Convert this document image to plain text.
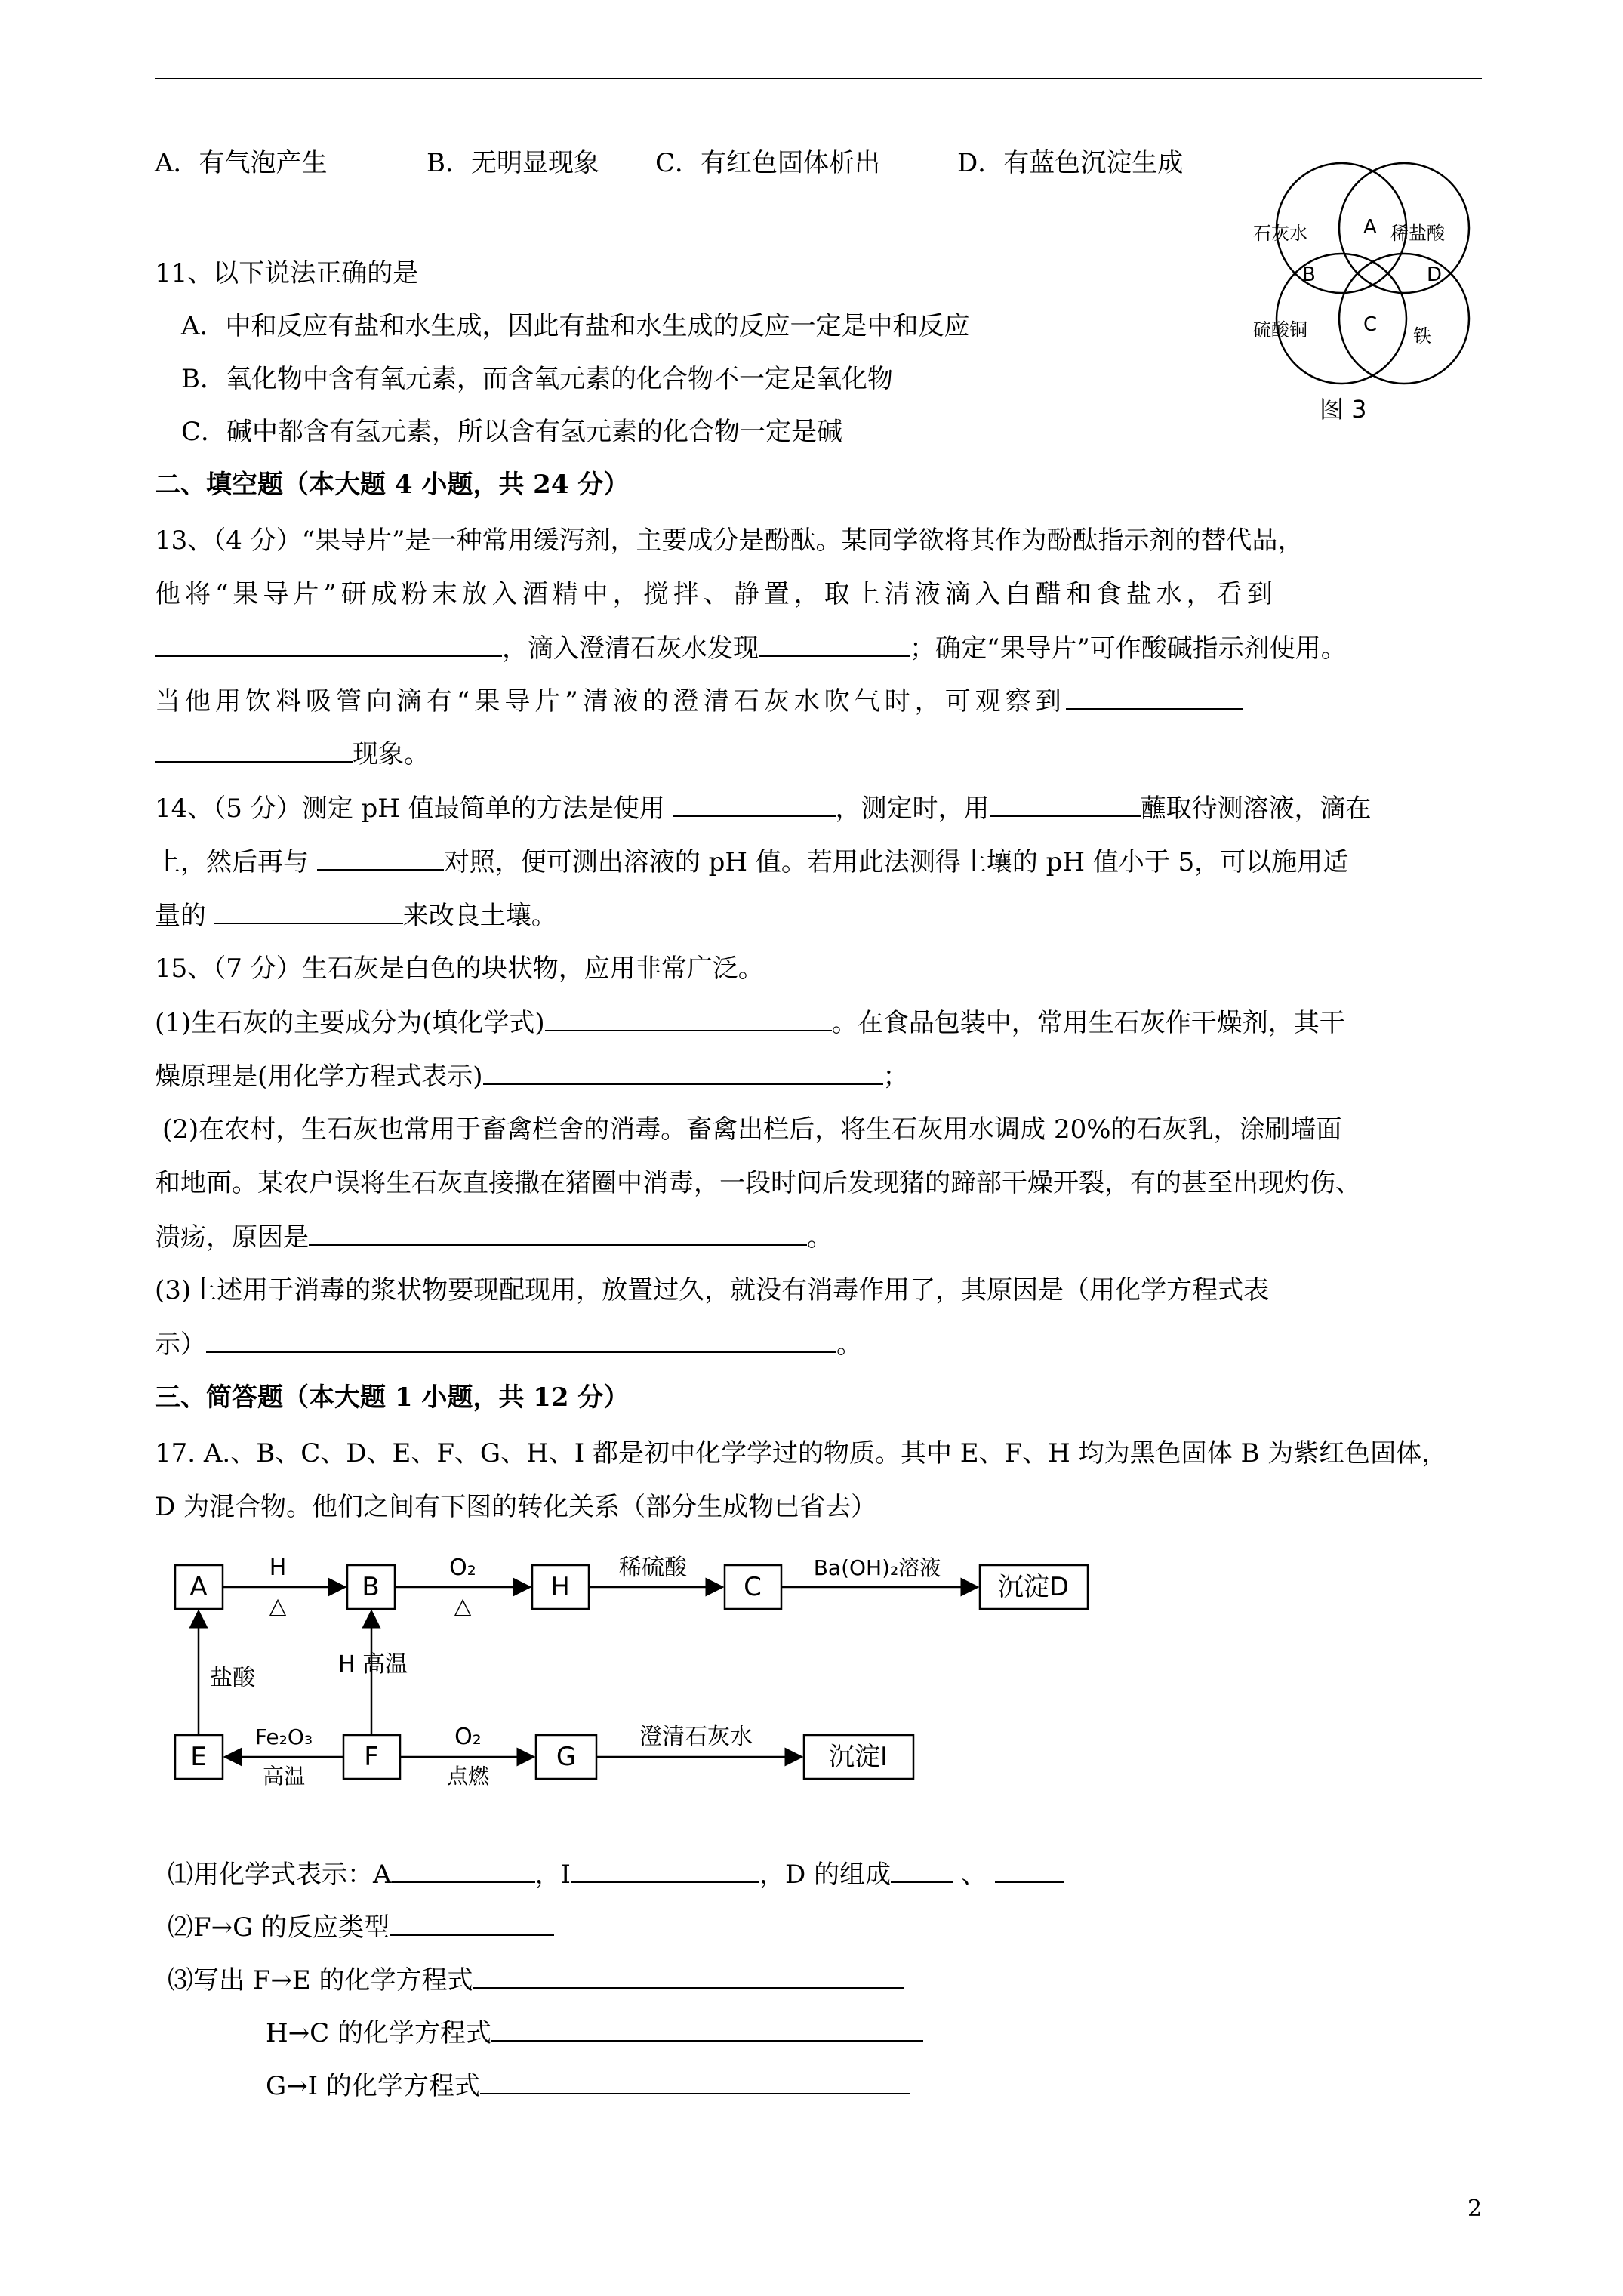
A．有气泡产生	B．无明显现象 C．有红色固体析出	D．有蓝色沉淀生成
石灰水	稀盐酸
硫酸铜	铁
A
B
C
D
图 3
11、以下说法正确的是
A．中和反应有盐和水生成，因此有盐和水生成的反应一定是中和反应
B．氧化物中含有氧元素，而含氧元素的化合物不一定是氧化物
C．碱中都含有氢元素，所以含有氢元素的化合物一定是碱
二、填空题（本大题 4 小题，共 24 分）
13、（4 分）“果导片”是一种常用缓泻剂，主要成分是酚酞。某同学欲将其作为酚酞指示剂的替代品，
他将“果导片”研成粉末放入酒精中，搅拌、静置，取上清液滴入白醋和食盐水，看到
，滴入澄清石灰水发现	；确定“果导片”可作酸碱指示剂使用。
当他用饮料吸管向滴有“果导片”清液的澄清石灰水吹气时，可观察到
现象。
14、（5 分）测定 pH 值最简单的方法是使用	，测定时，用	蘸取待测溶液，滴在
上，然后再与	对照，便可测出溶液的 pH 值。若用此法测得土壤的 pH 值小于 5，可以施用适
量的	来改良土壤。
15、（7 分）生石灰是白色的块状物，应用非常广泛。
(1)生石灰的主要成分为(填化学式)	。在食品包装中，常用生石灰作干燥剂，其干
燥原理是(用化学方程式表示)	；
(2)在农村，生石灰也常用于畜禽栏舍的消毒。畜禽出栏后，将生石灰用水调成 20%的石灰乳，涂刷墙面
和地面。某农户误将生石灰直接撒在猪圈中消毒，一段时间后发现猪的蹄部干燥开裂，有的甚至出现灼伤、
溃疡，原因是	。
(3)上述用于消毒的浆状物要现配现用，放置过久，就没有消毒作用了，其原因是（用化学方程式表
示）	。
三、简答题（本大题 1 小题，共 12 分）
17. A.、B、C、D、E、F、G、H、I 都是初中化学学过的物质。其中 E、F、H 均为黑色固体 B 为紫红色固体，
D 为混合物。他们之间有下图的转化关系（部分生成物已省去）
A	B	H	C	沉淀D
E	F	G	沉淀I
H
△
O₂
△
稀硫酸	Ba(OH)₂溶液
盐酸
H 高温
Fe₂O₃
高温
O₂
点燃
澄清石灰水
⑴用化学式表示：A	，I	，D 的组成	、
⑵F→G 的反应类型
⑶写出 F→E 的化学方程式
H→C 的化学方程式
G→I 的化学方程式
2
